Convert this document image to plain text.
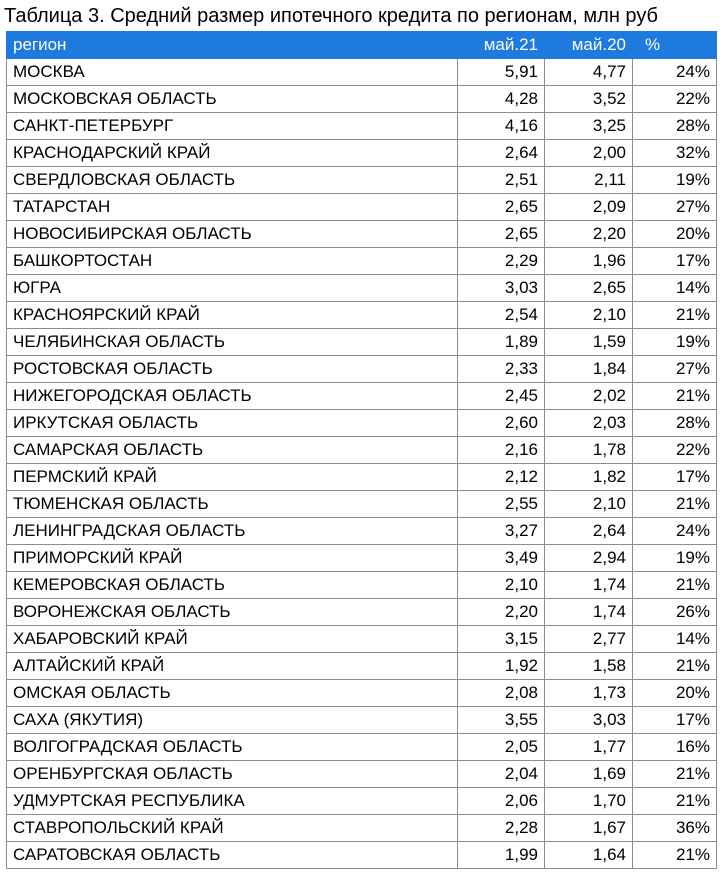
Таблица 3. Средний размер ипотечного кредита по регионам, млн руб
регион	май.21	май.20	%
МОСКВА	5,91	4,77	24%
МОСКОВСКАЯ ОБЛАСТЬ	4,28	3,52	22%
САНКТ-ПЕТЕРБУРГ	4,16	3,25	28%
КРАСНОДАРСКИЙ КРАЙ	2,64	2,00	32%
СВЕРДЛОВСКАЯ ОБЛАСТЬ	2,51	2,11	19%
ТАТАРСТАН	2,65	2,09	27%
НОВОСИБИРСКАЯ ОБЛАСТЬ	2,65	2,20	20%
БАШКОРТОСТАН	2,29	1,96	17%
ЮГРА	3,03	2,65	14%
КРАСНОЯРСКИЙ КРАЙ	2,54	2,10	21%
ЧЕЛЯБИНСКАЯ ОБЛАСТЬ	1,89	1,59	19%
РОСТОВСКАЯ ОБЛАСТЬ	2,33	1,84	27%
НИЖЕГОРОДСКАЯ ОБЛАСТЬ	2,45	2,02	21%
ИРКУТСКАЯ ОБЛАСТЬ	2,60	2,03	28%
САМАРСКАЯ ОБЛАСТЬ	2,16	1,78	22%
ПЕРМСКИЙ КРАЙ	2,12	1,82	17%
ТЮМЕНСКАЯ ОБЛАСТЬ	2,55	2,10	21%
ЛЕНИНГРАДСКАЯ ОБЛАСТЬ	3,27	2,64	24%
ПРИМОРСКИЙ КРАЙ	3,49	2,94	19%
КЕМЕРОВСКАЯ ОБЛАСТЬ	2,10	1,74	21%
ВОРОНЕЖСКАЯ ОБЛАСТЬ	2,20	1,74	26%
ХАБАРОВСКИЙ КРАЙ	3,15	2,77	14%
АЛТАЙСКИЙ КРАЙ	1,92	1,58	21%
ОМСКАЯ ОБЛАСТЬ	2,08	1,73	20%
САХА (ЯКУТИЯ)	3,55	3,03	17%
ВОЛГОГРАДСКАЯ ОБЛАСТЬ	2,05	1,77	16%
ОРЕНБУРГСКАЯ ОБЛАСТЬ	2,04	1,69	21%
УДМУРТСКАЯ РЕСПУБЛИКА	2,06	1,70	21%
СТАВРОПОЛЬСКИЙ КРАЙ	2,28	1,67	36%
САРАТОВСКАЯ ОБЛАСТЬ	1,99	1,64	21%
